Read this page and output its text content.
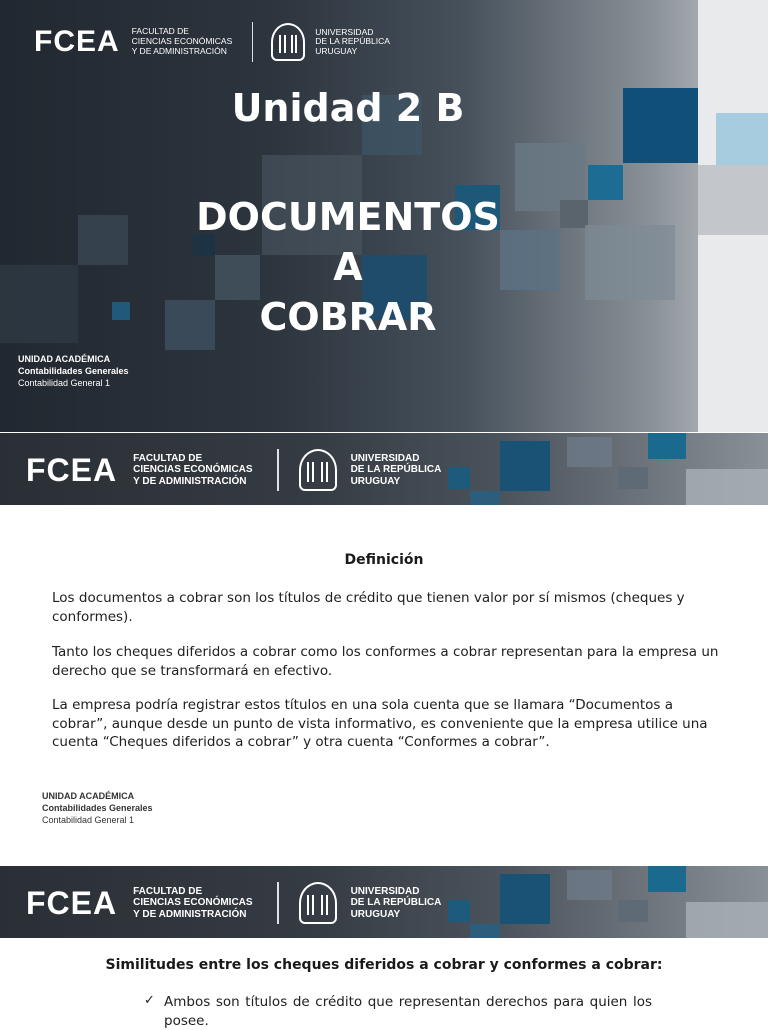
FCEA FACULTAD DE
CIENCIAS ECONÓMICAS
Y DE ADMINISTRACIÓN
UNIVERSIDAD
DE LA REPÚBLICA
URUGUAY
Unidad 2 B
DOCUMENTOS
A
COBRAR
UNIDAD ACADÉMICA
Contabilidades Generales
Contabilidad General 1
FCEA FACULTAD DE
CIENCIAS ECONÓMICAS
Y DE ADMINISTRACIÓN
UNIVERSIDAD
DE LA REPÚBLICA
URUGUAY
Definición
Los documentos a cobrar son los títulos de crédito que tienen valor por sí mismos (cheques y conformes).
Tanto los cheques diferidos a cobrar como los conformes a cobrar representan para la empresa un derecho que se transformará en efectivo.
La empresa podría registrar estos títulos en una sola cuenta que se llamara “Documentos a cobrar”, aunque desde un punto de vista informativo, es conveniente que la empresa utilice una cuenta “Cheques diferidos a cobrar” y otra cuenta “Conformes a cobrar”.
UNIDAD ACADÉMICA
Contabilidades Generales
Contabilidad General 1
FCEA FACULTAD DE
CIENCIAS ECONÓMICAS
Y DE ADMINISTRACIÓN
UNIVERSIDAD
DE LA REPÚBLICA
URUGUAY
Similitudes entre los cheques diferidos a cobrar y conformes a cobrar:
✓ Ambos son títulos de crédito que representan derechos para quien los posee.
